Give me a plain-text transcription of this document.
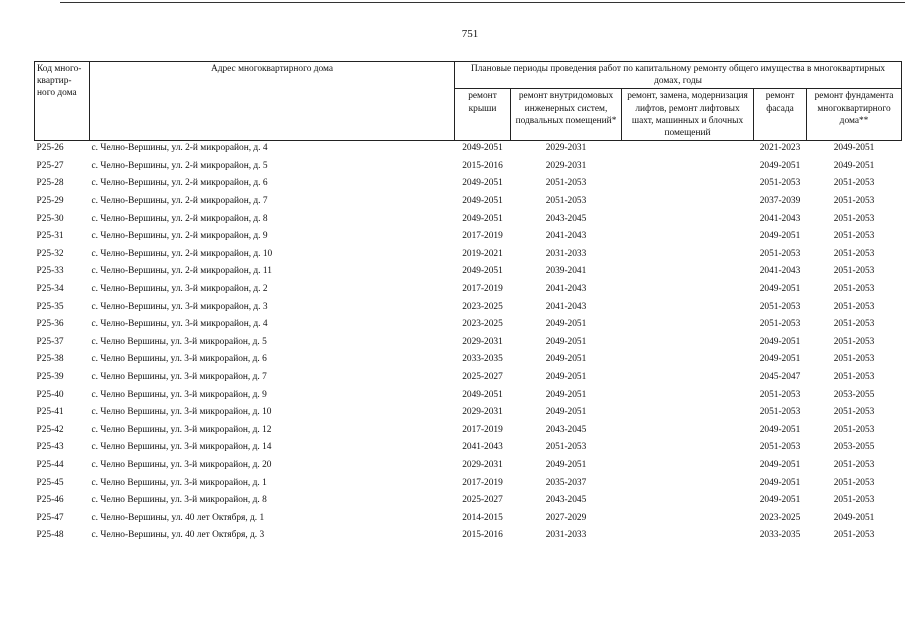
751
Код много-квартир-ного дома	Адрес многоквартирного дома	Плановые периоды проведения работ по капитальному ремонту общего имущества в многоквартирных домах, годы				
		ремонт крыши	ремонт внутридомовых инженерных систем, подвальных помещений*	ремонт, замена, модернизация лифтов, ремонт лифтовых шахт, машинных и блочных помещений	ремонт фасада	ремонт фундамента многоквартирного дома**
P25-26	с. Челно-Вершины, ул. 2-й микрорайон, д. 4	2049-2051	2029-2031		2021-2023	2049-2051
P25-27	с. Челно-Вершины, ул. 2-й микрорайон, д. 5	2015-2016	2029-2031		2049-2051	2049-2051
P25-28	с. Челно-Вершины, ул. 2-й микрорайон, д. 6	2049-2051	2051-2053		2051-2053	2051-2053
P25-29	с. Челно-Вершины, ул. 2-й микрорайон, д. 7	2049-2051	2051-2053		2037-2039	2051-2053
P25-30	с. Челно-Вершины, ул. 2-й микрорайон, д. 8	2049-2051	2043-2045		2041-2043	2051-2053
P25-31	с. Челно-Вершины, ул. 2-й микрорайон, д. 9	2017-2019	2041-2043		2049-2051	2051-2053
P25-32	с. Челно-Вершины, ул. 2-й микрорайон, д. 10	2019-2021	2031-2033		2051-2053	2051-2053
P25-33	с. Челно-Вершины, ул. 2-й микрорайон, д. 11	2049-2051	2039-2041		2041-2043	2051-2053
P25-34	с. Челно-Вершины, ул. 3-й микрорайон, д. 2	2017-2019	2041-2043		2049-2051	2051-2053
P25-35	с. Челно-Вершины, ул. 3-й микрорайон, д. 3	2023-2025	2041-2043		2051-2053	2051-2053
P25-36	с. Челно-Вершины, ул. 3-й микрорайон, д. 4	2023-2025	2049-2051		2051-2053	2051-2053
P25-37	с. Челно Вершины, ул. 3-й микрорайон, д. 5	2029-2031	2049-2051		2049-2051	2051-2053
P25-38	с. Челно Вершины, ул. 3-й микрорайон, д. 6	2033-2035	2049-2051		2049-2051	2051-2053
P25-39	с. Челно Вершины, ул. 3-й микрорайон, д. 7	2025-2027	2049-2051		2045-2047	2051-2053
P25-40	с. Челно Вершины, ул. 3-й микрорайон, д. 9	2049-2051	2049-2051		2051-2053	2053-2055
P25-41	с. Челно Вершины, ул. 3-й микрорайон, д. 10	2029-2031	2049-2051		2051-2053	2051-2053
P25-42	с. Челно Вершины, ул. 3-й микрорайон, д. 12	2017-2019	2043-2045		2049-2051	2051-2053
P25-43	с. Челно Вершины, ул. 3-й микрорайон, д. 14	2041-2043	2051-2053		2051-2053	2053-2055
P25-44	с. Челно Вершины, ул. 3-й микрорайон, д. 20	2029-2031	2049-2051		2049-2051	2051-2053
P25-45	с. Челно Вершины, ул. 3-й микрорайон, д. 1	2017-2019	2035-2037		2049-2051	2051-2053
P25-46	с. Челно Вершины, ул. 3-й микрорайон, д. 8	2025-2027	2043-2045		2049-2051	2051-2053
P25-47	с. Челно-Вершины, ул. 40 лет Октября, д. 1	2014-2015	2027-2029		2023-2025	2049-2051
P25-48	с. Челно-Вершины, ул. 40 лет Октября, д. 3	2015-2016	2031-2033		2033-2035	2051-2053
